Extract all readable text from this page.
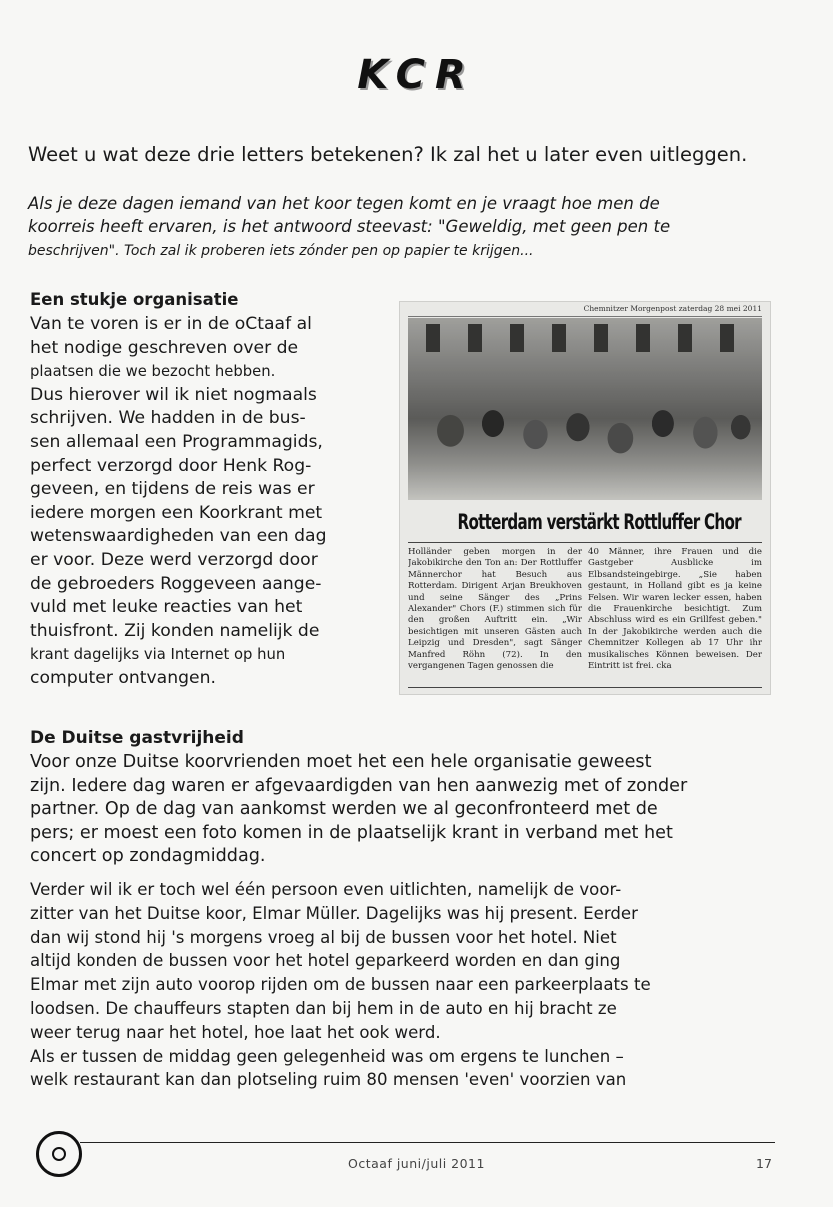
KCR
Weet u wat deze drie letters betekenen? Ik zal het u later even uitleggen.
Als je deze dagen iemand van het koor tegen komt en je vraagt hoe men de
koorreis heeft ervaren, is het antwoord steevast: "Geweldig, met geen pen te
beschrijven". Toch zal ik proberen iets zónder pen op papier te krijgen...
Een stukje organisatie
Van te voren is er in de oCtaaf al
het nodige geschreven over de
plaatsen die we bezocht hebben.
Dus hierover wil ik niet nogmaals
schrijven. We hadden in de bus-
sen allemaal een Programmagids,
perfect verzorgd door Henk Rog-
geveen, en tijdens de reis was er
iedere morgen een Koorkrant met
wetenswaardigheden van een dag
er voor. Deze werd verzorgd door
de gebroeders Roggeveen aange-
vuld met leuke reacties van het
thuisfront. Zij konden namelijk de
krant dagelijks via Internet op hun
computer ontvangen.
Chemnitzer Morgenpost zaterdag 28 mei 2011
Rotterdam verstärkt Rottluffer Chor
Holländer geben morgen in der Jakobikirche den Ton an: Der Rottluffer Männerchor hat Besuch aus Rotterdam. Dirigent Arjan Breukhoven und seine Sänger des „Prins Alexander" Chors (F.) stimmen sich für den großen Auftritt ein. „Wir besichtigen mit unseren Gästen auch Leipzig und Dresden", sagt Sänger Manfred Röhn (72). In den vergangenen Tagen genossen die
40 Männer, ihre Frauen und die Gastgeber Ausblicke im Elbsandsteingebirge. „Sie haben gestaunt, in Holland gibt es ja keine Felsen. Wir waren lecker essen, haben die Frauenkirche besichtigt. Zum Abschluss wird es ein Grillfest geben." In der Jakobikirche werden auch die Chemnitzer Kollegen ab 17 Uhr ihr musikalisches Können beweisen. Der Eintritt ist frei. cka
De Duitse gastvrijheid
Voor onze Duitse koorvrienden moet het een hele organisatie geweest
zijn. Iedere dag waren er afgevaardigden van hen aanwezig met of zonder
partner. Op de dag van aankomst werden we al geconfronteerd met de
pers; er moest een foto komen in de plaatselijk krant in verband met het
concert op zondagmiddag.
Verder wil ik er toch wel één persoon even uitlichten, namelijk de voor-
zitter van het Duitse koor, Elmar Müller. Dagelijks was hij present. Eerder
dan wij stond hij 's morgens vroeg al bij de bussen voor het hotel. Niet
altijd konden de bussen voor het hotel geparkeerd worden en dan ging
Elmar met zijn auto voorop rijden om de bussen naar een parkeerplaats te
loodsen. De chauffeurs stapten dan bij hem in de auto en hij bracht ze
weer terug naar het hotel, hoe laat het ook werd.
Als er tussen de middag geen gelegenheid was om ergens te lunchen –
welk restaurant kan dan plotseling ruim 80 mensen 'even' voorzien van
Octaaf juni/juli 2011	17
